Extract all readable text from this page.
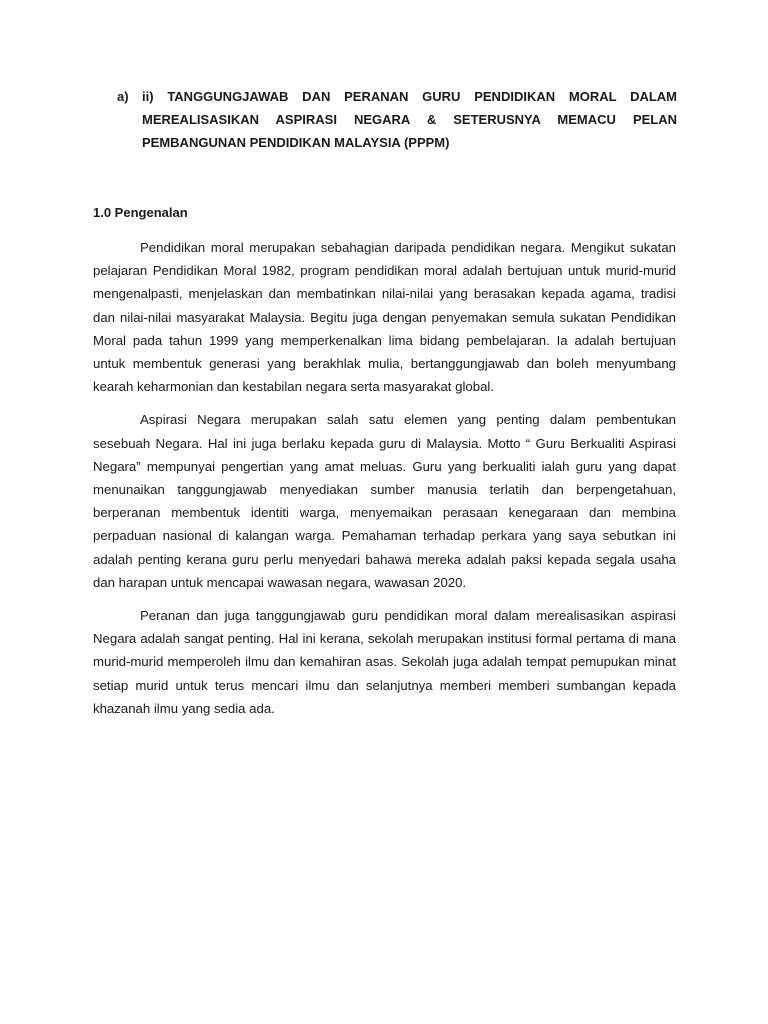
a)	ii) TANGGUNGJAWAB DAN PERANAN GURU PENDIDIKAN MORAL DALAM MEREALISASIKAN ASPIRASI NEGARA & SETERUSNYA MEMACU PELAN PEMBANGUNAN PENDIDIKAN MALAYSIA (PPPM)
1.0 Pengenalan

Pendidikan moral merupakan sebahagian daripada pendidikan negara. Mengikut sukatan pelajaran Pendidikan Moral 1982, program pendidikan moral adalah bertujuan untuk murid-murid mengenalpasti, menjelaskan dan membatinkan nilai-nilai yang berasakan kepada agama, tradisi dan nilai-nilai masyarakat Malaysia. Begitu juga dengan penyemakan semula sukatan Pendidikan Moral pada tahun 1999 yang memperkenalkan lima bidang pembelajaran. Ia adalah bertujuan untuk membentuk generasi yang berakhlak mulia, bertanggungjawab dan boleh menyumbang kearah keharmonian dan kestabilan negara serta masyarakat global.

Aspirasi Negara merupakan salah satu elemen yang penting dalam pembentukan sesebuah Negara. Hal ini juga berlaku kepada guru di Malaysia. Motto “ Guru Berkualiti Aspirasi Negara” mempunyai pengertian yang amat meluas. Guru yang berkualiti ialah guru yang dapat menunaikan tanggungjawab menyediakan sumber manusia terlatih dan berpengetahuan, berperanan membentuk identiti warga, menyemaikan perasaan kenegaraan dan membina perpaduan nasional di kalangan warga. Pemahaman terhadap perkara yang saya sebutkan ini adalah penting kerana guru perlu menyedari bahawa mereka adalah paksi kepada segala usaha dan harapan untuk mencapai wawasan negara, wawasan 2020.

Peranan dan juga tanggungjawab guru pendidikan moral dalam merealisasikan aspirasi Negara adalah sangat penting. Hal ini kerana, sekolah merupakan institusi formal pertama di mana murid-murid memperoleh ilmu dan kemahiran asas. Sekolah juga adalah tempat pemupukan minat setiap murid untuk terus mencari ilmu dan selanjutnya memberi memberi sumbangan kepada khazanah ilmu yang sedia ada.
